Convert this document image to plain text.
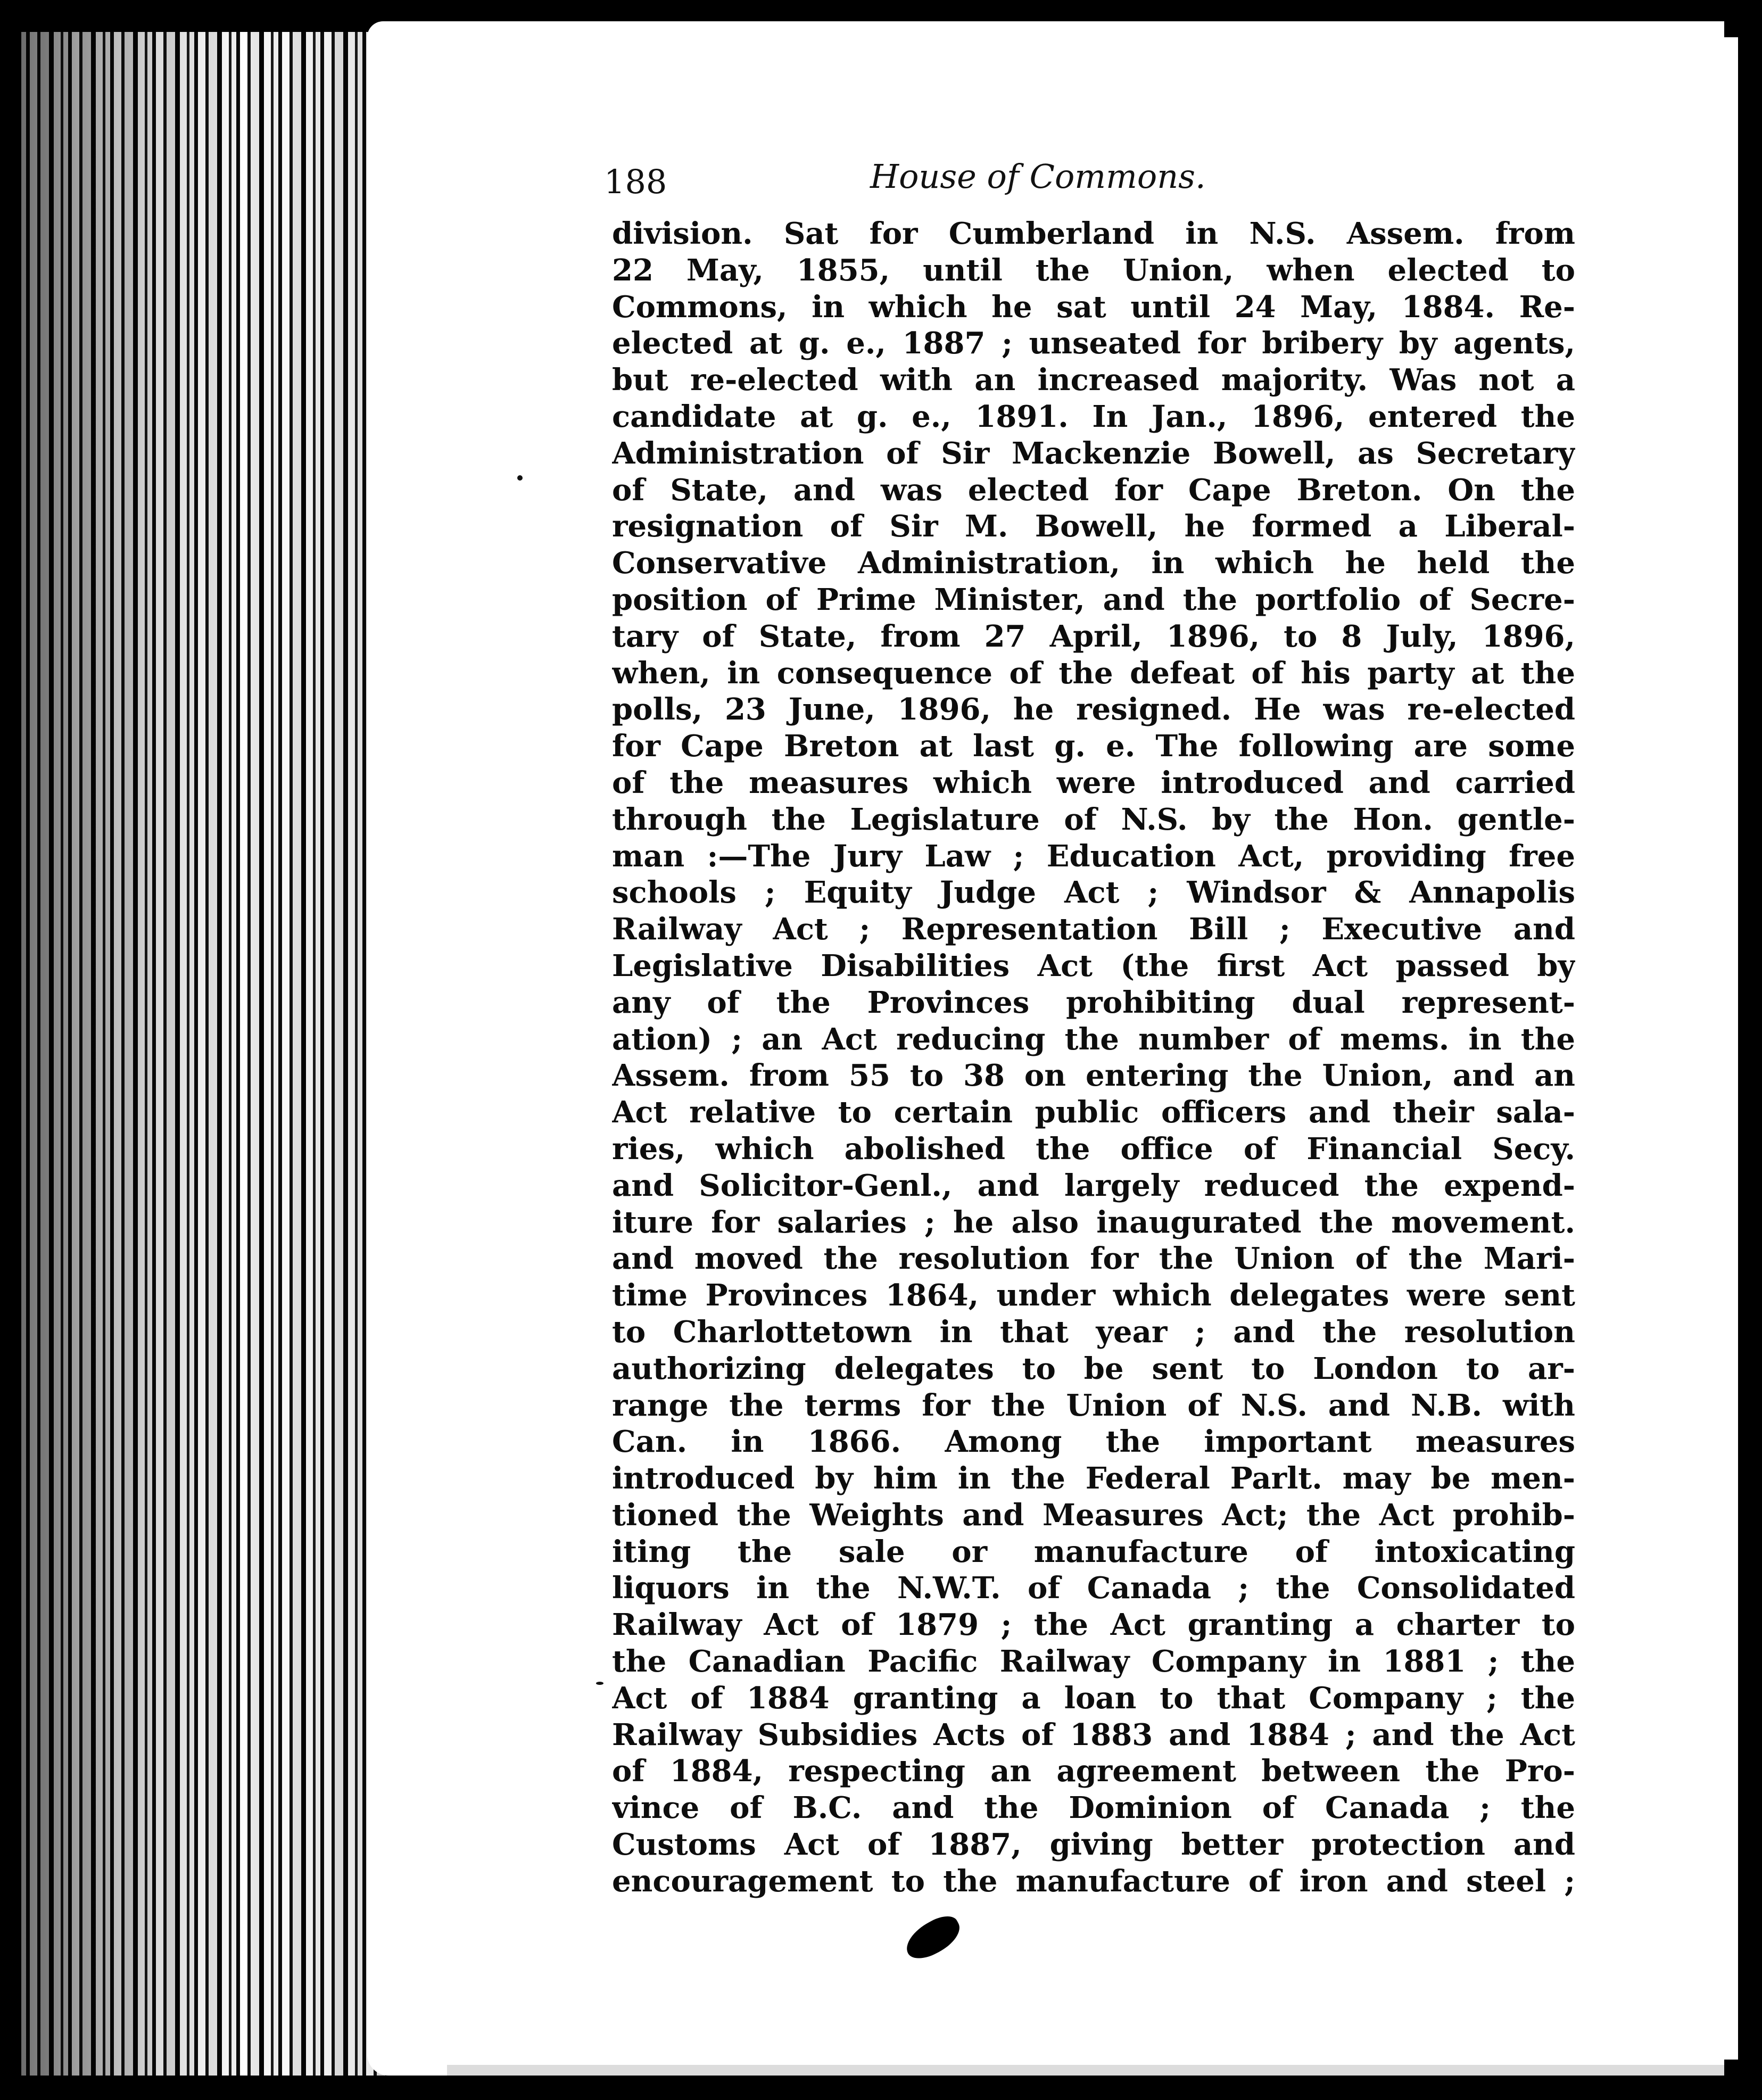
188	House of Commons.
division. Sat for Cumberland in N.S. Assem. from
22 May, 1855, until the Union, when elected to
Commons, in which he sat until 24 May, 1884. Re-
elected at g. e., 1887 ; unseated for bribery by agents,
but re-elected with an increased majority. Was not a
candidate at g. e., 1891. In Jan., 1896, entered the
Administration of Sir Mackenzie Bowell, as Secretary
of State, and was elected for Cape Breton. On the
resignation of Sir M. Bowell, he formed a Liberal-
Conservative Administration, in which he held the
position of Prime Minister, and the portfolio of Secre-
tary of State, from 27 April, 1896, to 8 July, 1896,
when, in consequence of the defeat of his party at the
polls, 23 June, 1896, he resigned. He was re-elected
for Cape Breton at last g. e. The following are some
of the measures which were introduced and carried
through the Legislature of N.S. by the Hon. gentle-
man :—The Jury Law ; Education Act, providing free
schools ; Equity Judge Act ; Windsor & Annapolis
Railway Act ; Representation Bill ; Executive and
Legislative Disabilities Act (the first Act passed by
any of the Provinces prohibiting dual represent-
ation) ; an Act reducing the number of mems. in the
Assem. from 55 to 38 on entering the Union, and an
Act relative to certain public officers and their sala-
ries, which abolished the office of Financial Secy.
and Solicitor-Genl., and largely reduced the expend-
iture for salaries ; he also inaugurated the movement.
and moved the resolution for the Union of the Mari-
time Provinces 1864, under which delegates were sent
to Charlottetown in that year ; and the resolution
authorizing delegates to be sent to London to ar-
range the terms for the Union of N.S. and N.B. with
Can. in 1866. Among the important measures
introduced by him in the Federal Parlt. may be men-
tioned the Weights and Measures Act; the Act prohib-
iting the sale or manufacture of intoxicating
liquors in the N.W.T. of Canada ; the Consolidated
Railway Act of 1879 ; the Act granting a charter to
the Canadian Pacific Railway Company in 1881 ; the
Act of 1884 granting a loan to that Company ; the
Railway Subsidies Acts of 1883 and 1884 ; and the Act
of 1884, respecting an agreement between the Pro-
vince of B.C. and the Dominion of Canada ; the
Customs Act of 1887, giving better protection and
encouragement to the manufacture of iron and steel ;
